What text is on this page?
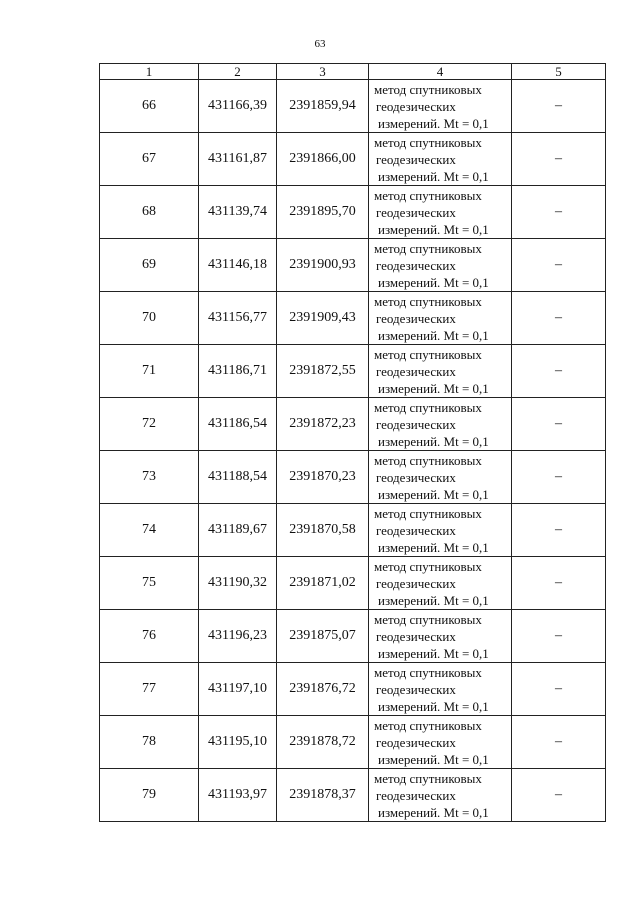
63
1	2	3	4	5
66	431166,39	2391859,94	метод спутниковых
геодезических
измерений. Mt = 0,1	–
67	431161,87	2391866,00	метод спутниковых
геодезических
измерений. Mt = 0,1	–
68	431139,74	2391895,70	метод спутниковых
геодезических
измерений. Mt = 0,1	–
69	431146,18	2391900,93	метод спутниковых
геодезических
измерений. Mt = 0,1	–
70	431156,77	2391909,43	метод спутниковых
геодезических
измерений. Mt = 0,1	–
71	431186,71	2391872,55	метод спутниковых
геодезических
измерений. Mt = 0,1	–
72	431186,54	2391872,23	метод спутниковых
геодезических
измерений. Mt = 0,1	–
73	431188,54	2391870,23	метод спутниковых
геодезических
измерений. Mt = 0,1	–
74	431189,67	2391870,58	метод спутниковых
геодезических
измерений. Mt = 0,1	–
75	431190,32	2391871,02	метод спутниковых
геодезических
измерений. Mt = 0,1	–
76	431196,23	2391875,07	метод спутниковых
геодезических
измерений. Mt = 0,1	–
77	431197,10	2391876,72	метод спутниковых
геодезических
измерений. Mt = 0,1	–
78	431195,10	2391878,72	метод спутниковых
геодезических
измерений. Mt = 0,1	–
79	431193,97	2391878,37	метод спутниковых
геодезических
измерений. Mt = 0,1	–
